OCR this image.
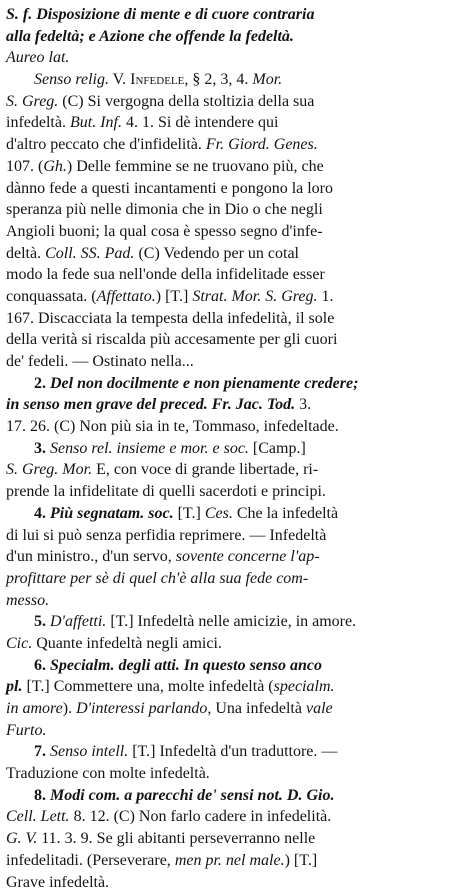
S. f. Disposizione di mente e di cuore contraria
alla fedeltà; e Azione che offende la fedeltà.
Aureo lat.
Senso relig. V. Infedele, § 2, 3, 4. Mor.
S. Greg. (C) Si vergogna della stoltizia della sua
infedeltà. But. Inf. 4. 1. Si dè intendere qui
d'altro peccato che d'infidelità. Fr. Giord. Genes.
107. (Gh.) Delle femmine se ne truovano più, che
dànno fede a questi incantamenti e pongono la loro
speranza più nelle dimonia che in Dio o che negli
Angioli buoni; la qual cosa è spesso segno d'infe-
deltà. Coll. SS. Pad. (C) Vedendo per un cotal
modo la fede sua nell'onde della infidelitade esser
conquassata. (Affettato.) [T.] Strat. Mor. S. Greg. 1.
167. Discacciata la tempesta della infedelità, il sole
della verità si riscalda più accesamente per gli cuori
de' fedeli. — Ostinato nella...
2. Del non docilmente e non pienamente credere;
in senso men grave del preced. Fr. Jac. Tod. 3.
17. 26. (C) Non più sia in te, Tommaso, infedeltade.
3. Senso rel. insieme e mor. e soc. [Camp.]
S. Greg. Mor. E, con voce di grande libertade, ri-
prende la infidelitate di quelli sacerdoti e principi.
4. Più segnatam. soc. [T.] Ces. Che la infedeltà
di lui si può senza perfidia reprimere. — Infedeltà
d'un ministro., d'un servo, sovente concerne l'ap-
profittare per sè di quel ch'è alla sua fede com-
messo.
5. D'affetti. [T.] Infedeltà nelle amicizie, in amore.
Cic. Quante infedeltà negli amici.
6. Specialm. degli atti. In questo senso anco
pl. [T.] Commettere una, molte infedeltà (specialm.
in amore). D'interessi parlando, Una infedeltà vale
Furto.
7. Senso intell. [T.] Infedeltà d'un traduttore. —
Traduzione con molte infedeltà.
8. Modi com. a parecchi de' sensi not. D. Gio.
Cell. Lett. 8. 12. (C) Non farlo cadere in infedelità.
G. V. 11. 3. 9. Se gli abitanti perseverranno nelle
infedelitadi. (Perseverare, men pr. nel male.) [T.]
Grave infedeltà.
